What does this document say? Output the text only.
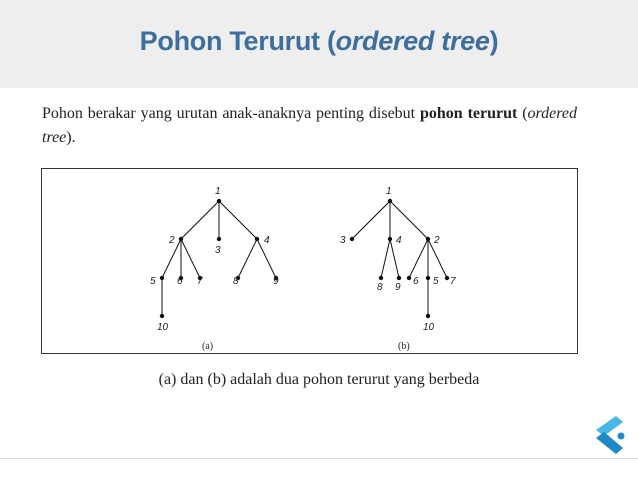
Pohon Terurut (ordered tree)
Pohon berakar yang urutan anak-anaknya penting disebut pohon terurut (ordered tree).
1
2
3
4
5 6 7	8	9
10
(a)
1
3	4	2
8 9
6 5 7
10
(b)
(a) dan (b) adalah dua pohon terurut yang berbeda
